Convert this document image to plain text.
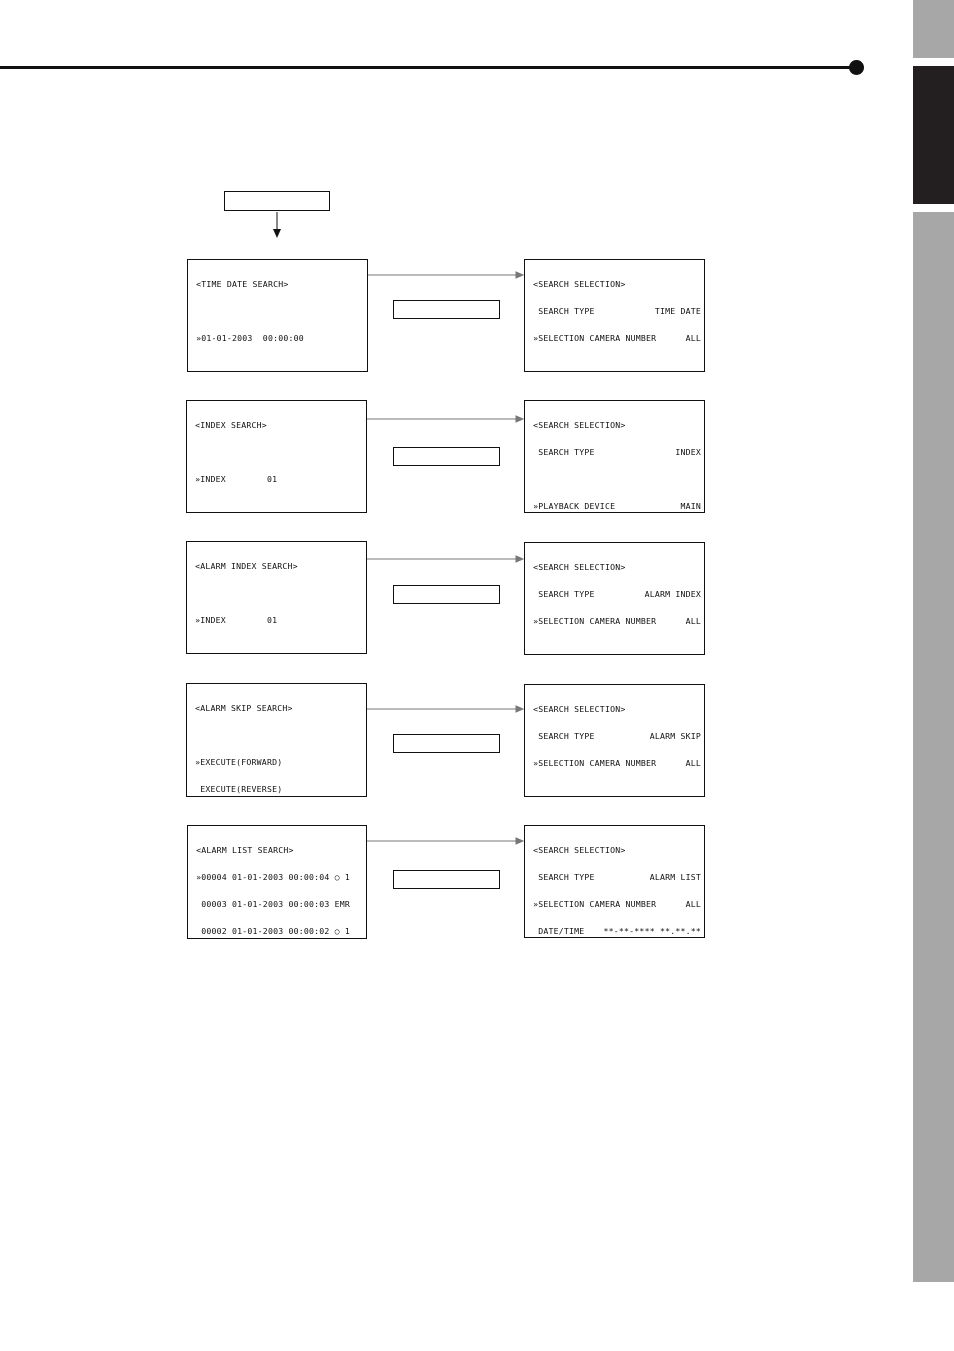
<TIME DATE SEARCH>

»01-01-2003  00:00:00

<SEARCH SELECTION>

SEARCH TYPE	TIME DATE

»SELECTION CAMERA NUMBER	ALL

<INDEX SEARCH>

»INDEX        01

<SEARCH SELECTION>

SEARCH TYPE	INDEX

»PLAYBACK DEVICE	MAIN

<ALARM INDEX SEARCH>

»INDEX        01

<SEARCH SELECTION>

SEARCH TYPE	ALARM INDEX

»SELECTION CAMERA NUMBER	ALL

<ALARM SKIP SEARCH>

»EXECUTE(FORWARD)

EXECUTE(REVERSE)

<SEARCH SELECTION>

SEARCH TYPE	ALARM SKIP

»SELECTION CAMERA NUMBER	ALL

<ALARM LIST SEARCH>

»00004 01-01-2003 00:00:04 ○ 1

00003 01-01-2003 00:00:03 EMR

00002 01-01-2003 00:00:02 ○ 1

<SEARCH SELECTION>

SEARCH TYPE	ALARM LIST

»SELECTION CAMERA NUMBER	ALL

DATE/TIME **-**-**** **.**.**
